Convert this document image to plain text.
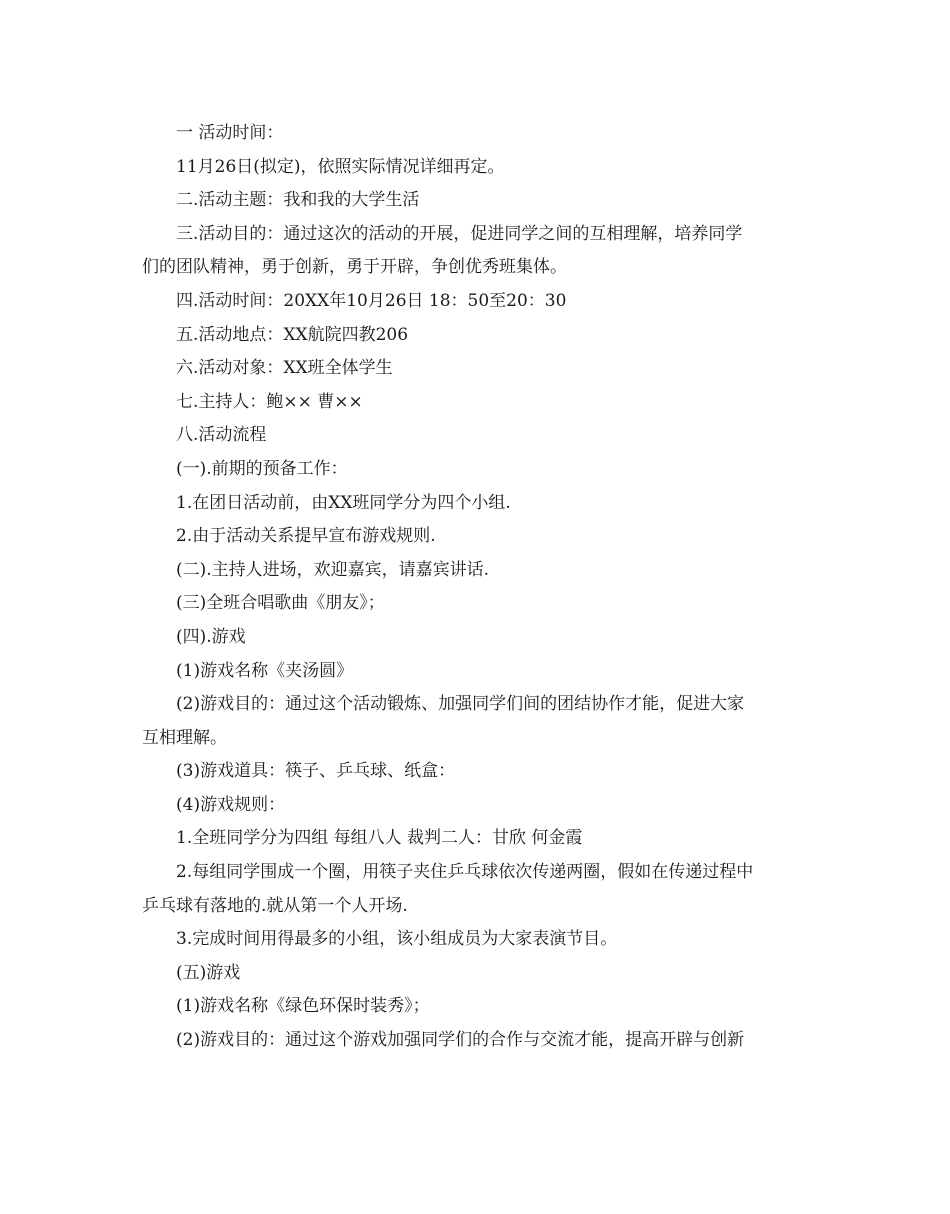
一 活动时间：
11月26日(拟定)，依照实际情况详细再定。
二.活动主题：我和我的大学生活
三.活动目的：通过这次的活动的开展，促进同学之间的互相理解，培养同学
们的团队精神，勇于创新，勇于开辟，争创优秀班集体。
四.活动时间：20XX年10月26日 18：50至20：30
五.活动地点：XX航院四教206
六.活动对象：XX班全体学生
七.主持人：鲍×× 曹××
八.活动流程
(一).前期的预备工作：
1.在团日活动前，由XX班同学分为四个小组.
2.由于活动关系提早宣布游戏规则.
(二).主持人进场，欢迎嘉宾，请嘉宾讲话.
(三)全班合唱歌曲《朋友》；
(四).游戏
(1)游戏名称《夹汤圆》
(2)游戏目的：通过这个活动锻炼、加强同学们间的团结协作才能，促进大家
互相理解。
(3)游戏道具：筷子、乒乓球、纸盒：
(4)游戏规则：
1.全班同学分为四组 每组八人 裁判二人：甘欣 何金霞
2.每组同学围成一个圈，用筷子夹住乒乓球依次传递两圈，假如在传递过程中
乒乓球有落地的.就从第一个人开场.
3.完成时间用得最多的小组，该小组成员为大家表演节目。
(五)游戏
(1)游戏名称《绿色环保时装秀》；
(2)游戏目的：通过这个游戏加强同学们的合作与交流才能，提高开辟与创新
